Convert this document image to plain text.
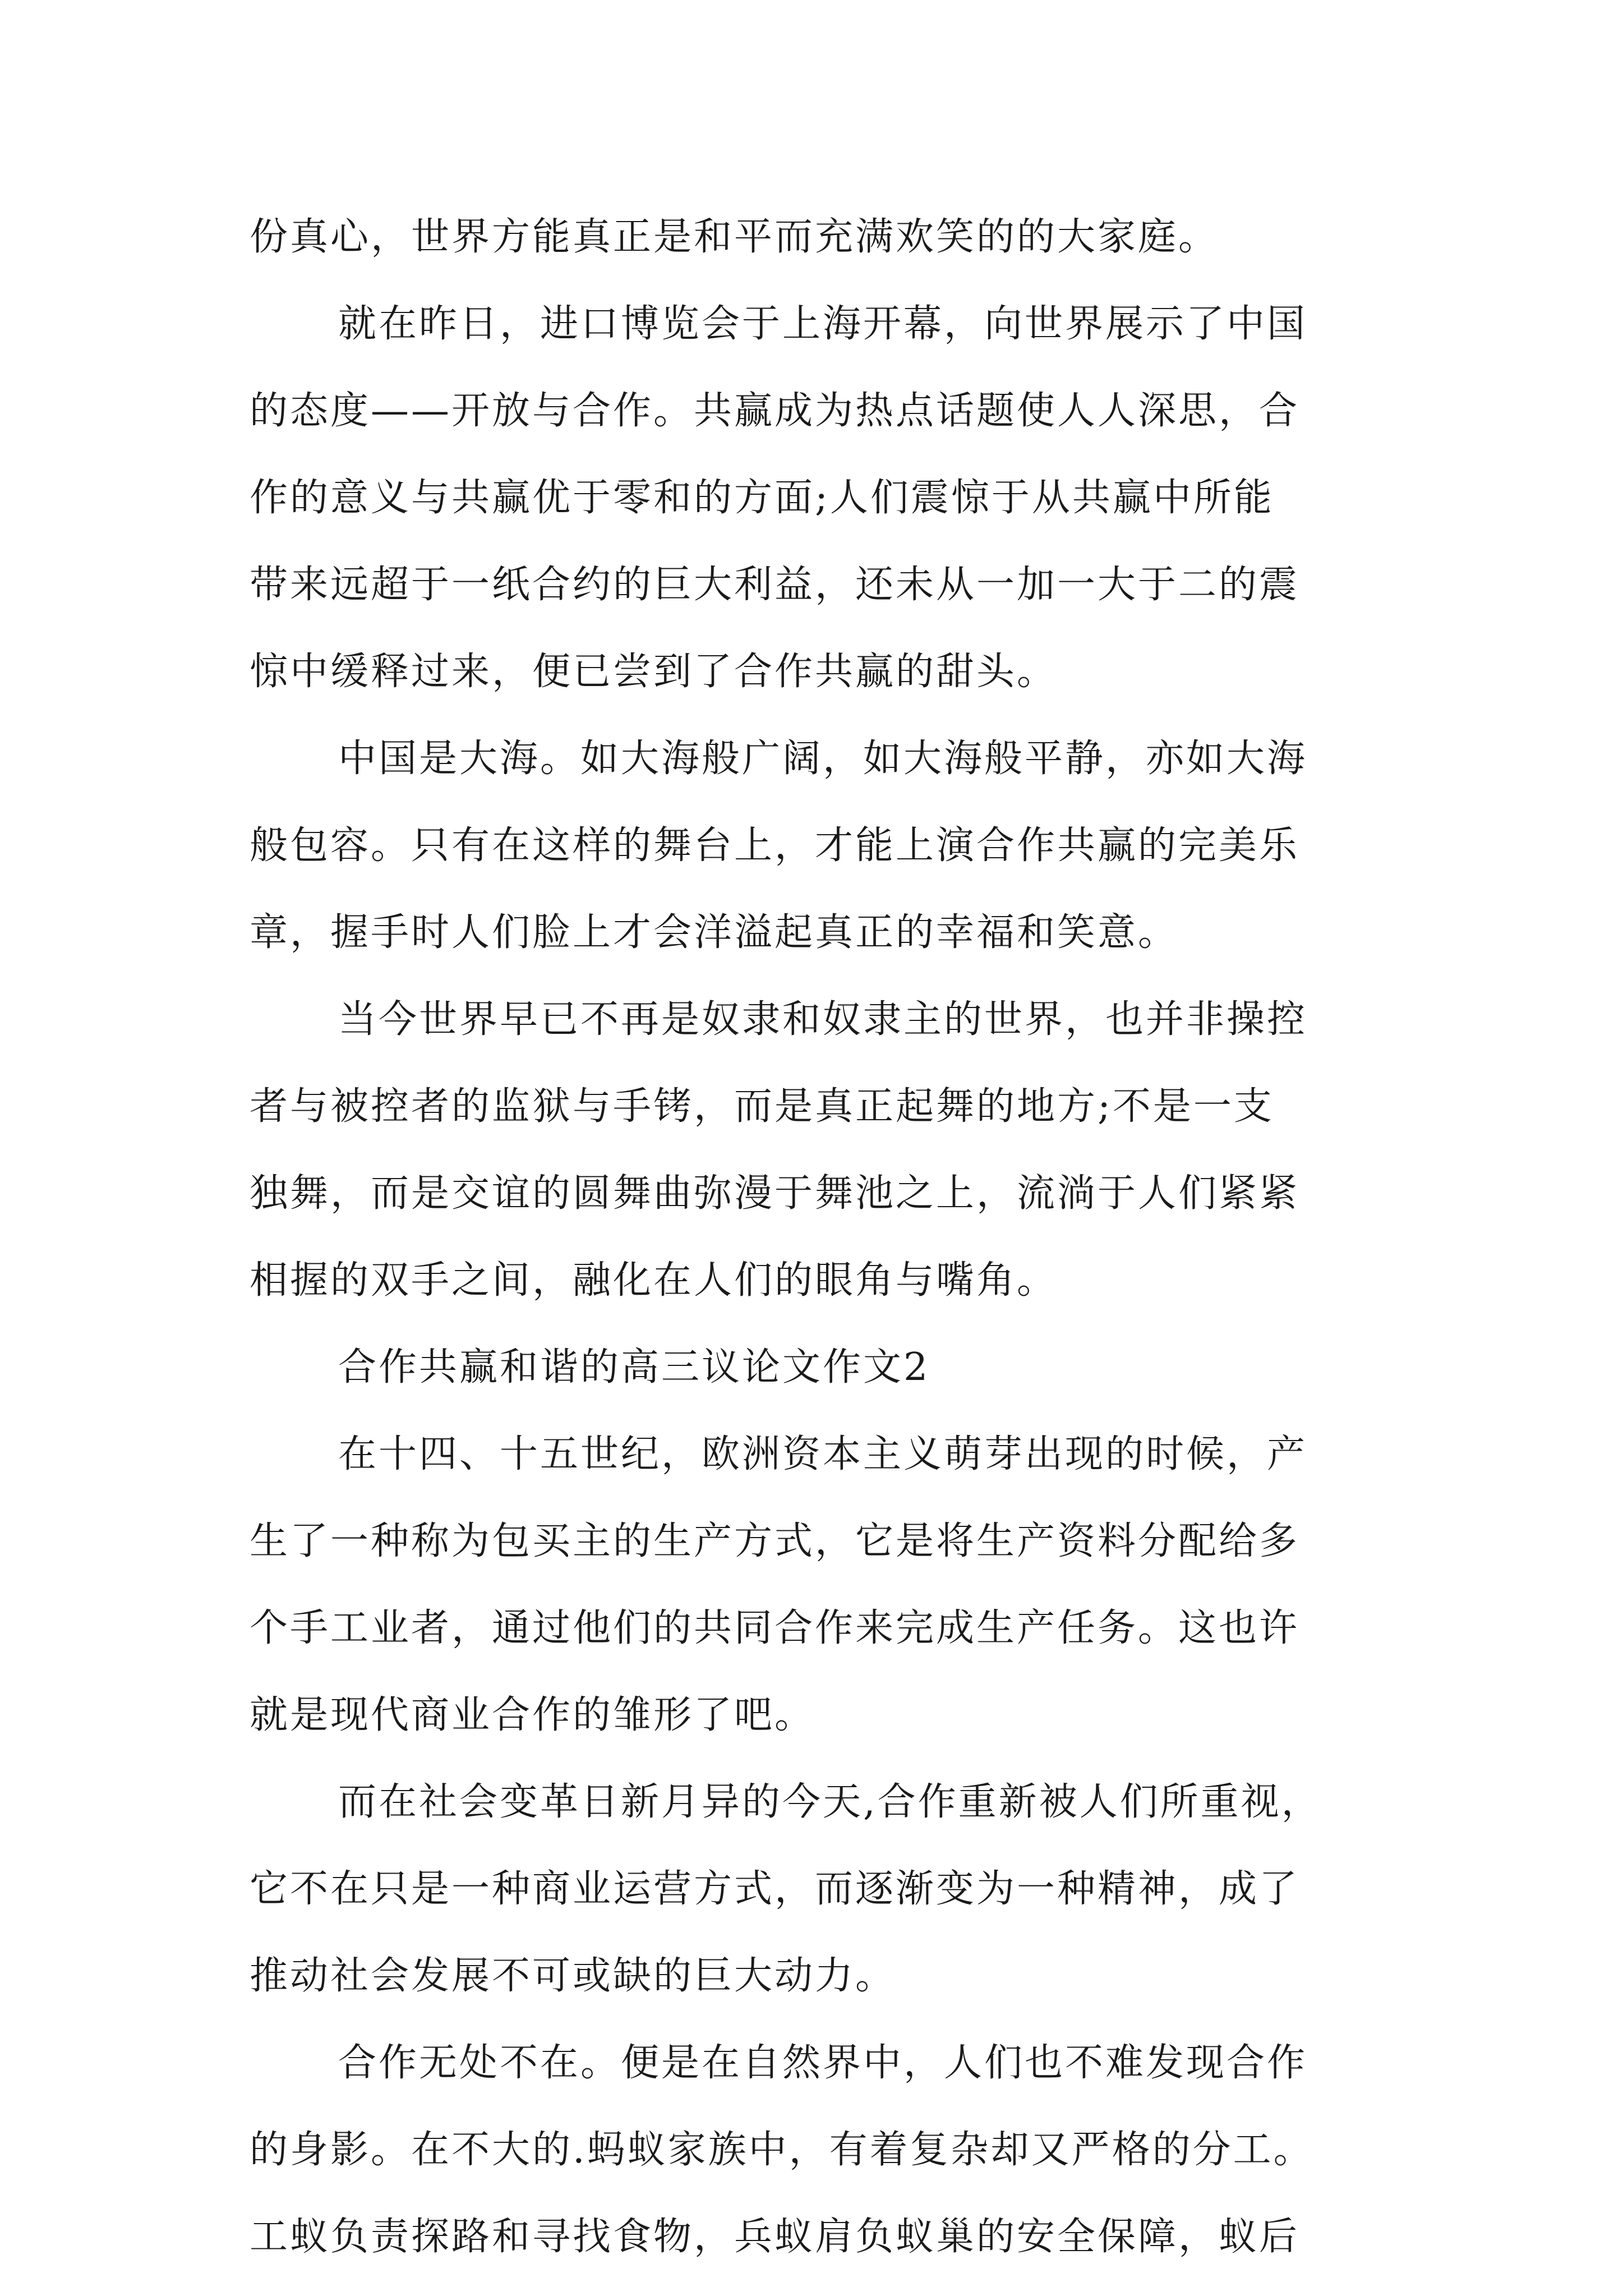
份真心，世界方能真正是和平而充满欢笑的的大家庭。
就在昨日，进口博览会于上海开幕，向世界展示了中国
的态度——开放与合作。共赢成为热点话题使人人深思，合
作的意义与共赢优于零和的方面;人们震惊于从共赢中所能
带来远超于一纸合约的巨大利益，还未从一加一大于二的震
惊中缓释过来，便已尝到了合作共赢的甜头。
中国是大海。如大海般广阔，如大海般平静，亦如大海
般包容。只有在这样的舞台上，才能上演合作共赢的完美乐
章，握手时人们脸上才会洋溢起真正的幸福和笑意。
当今世界早已不再是奴隶和奴隶主的世界，也并非操控
者与被控者的监狱与手铐，而是真正起舞的地方;不是一支
独舞，而是交谊的圆舞曲弥漫于舞池之上，流淌于人们紧紧
相握的双手之间，融化在人们的眼角与嘴角。
合作共赢和谐的高三议论文作文2
在十四、十五世纪，欧洲资本主义萌芽出现的时候，产
生了一种称为包买主的生产方式，它是将生产资料分配给多
个手工业者，通过他们的共同合作来完成生产任务。这也许
就是现代商业合作的雏形了吧。
而在社会变革日新月异的今天,合作重新被人们所重视，
它不在只是一种商业运营方式，而逐渐变为一种精神，成了
推动社会发展不可或缺的巨大动力。
合作无处不在。便是在自然界中，人们也不难发现合作
的身影。在不大的.蚂蚁家族中，有着复杂却又严格的分工。
工蚁负责探路和寻找食物，兵蚁肩负蚁巢的安全保障，蚁后
